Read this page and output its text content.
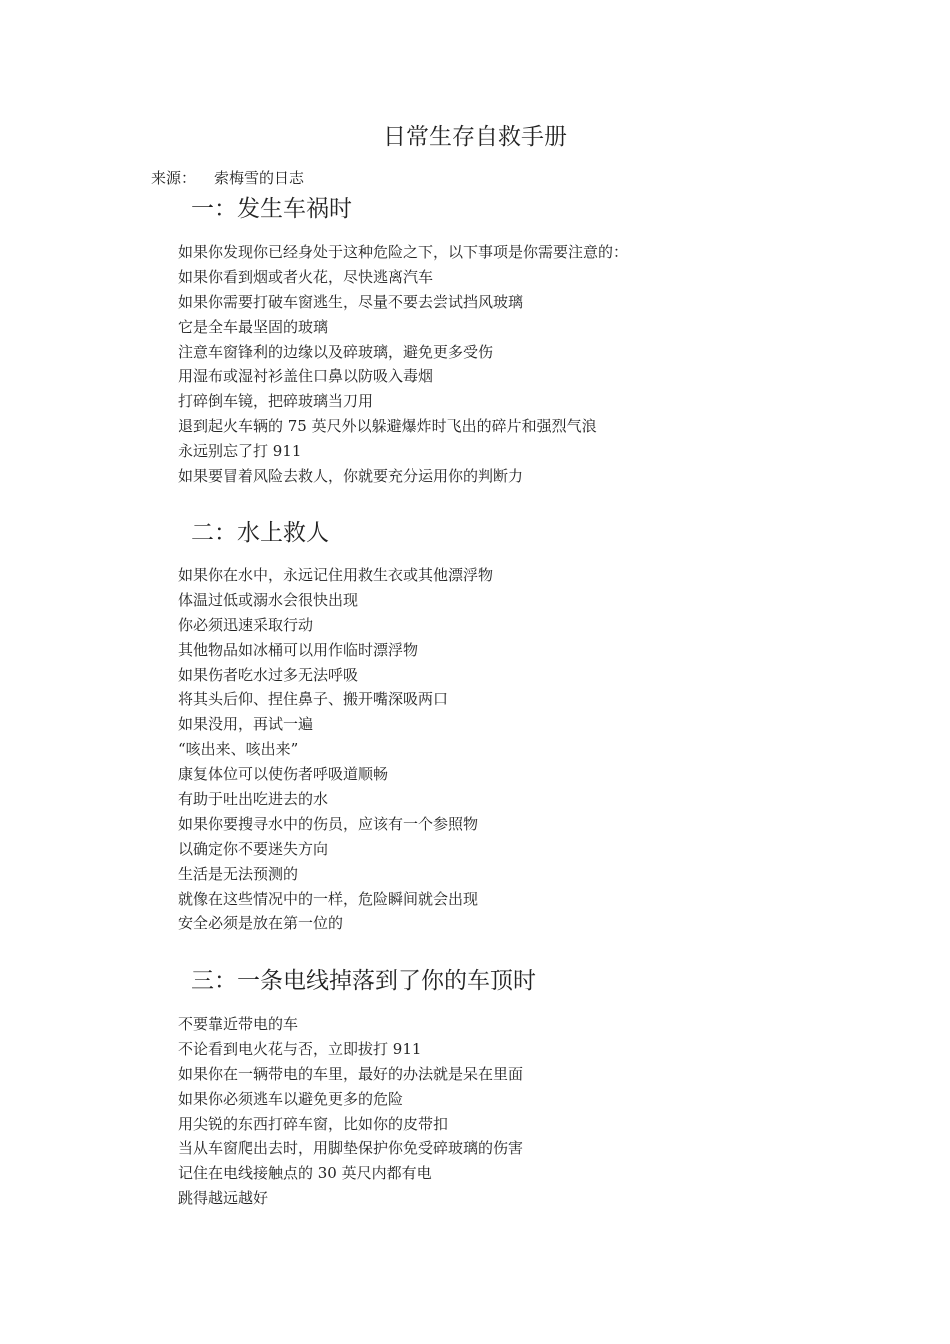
日常生存自救手册
来源： 索梅雪的日志
一：发生车祸时
如果你发现你已经身处于这种危险之下，以下事项是你需要注意的：
如果你看到烟或者火花，尽快逃离汽车
如果你需要打破车窗逃生，尽量不要去尝试挡风玻璃
它是全车最坚固的玻璃
注意车窗锋利的边缘以及碎玻璃，避免更多受伤
用湿布或湿衬衫盖住口鼻以防吸入毒烟
打碎倒车镜，把碎玻璃当刀用
退到起火车辆的 75 英尺外以躲避爆炸时飞出的碎片和强烈气浪
永远别忘了打 911
如果要冒着风险去救人，你就要充分运用你的判断力
二：水上救人
如果你在水中，永远记住用救生衣或其他漂浮物
体温过低或溺水会很快出现
你必须迅速采取行动
其他物品如冰桶可以用作临时漂浮物
如果伤者吃水过多无法呼吸
将其头后仰、捏住鼻子、搬开嘴深吸两口
如果没用，再试一遍
“咳出来、咳出来”
康复体位可以使伤者呼吸道顺畅
有助于吐出吃进去的水
如果你要搜寻水中的伤员，应该有一个参照物
以确定你不要迷失方向
生活是无法预测的
就像在这些情况中的一样，危险瞬间就会出现
安全必须是放在第一位的
三：一条电线掉落到了你的车顶时
不要靠近带电的车
不论看到电火花与否，立即拔打 911
如果你在一辆带电的车里，最好的办法就是呆在里面
如果你必须逃车以避免更多的危险
用尖锐的东西打碎车窗，比如你的皮带扣
当从车窗爬出去时，用脚垫保护你免受碎玻璃的伤害
记住在电线接触点的 30 英尺内都有电
跳得越远越好
